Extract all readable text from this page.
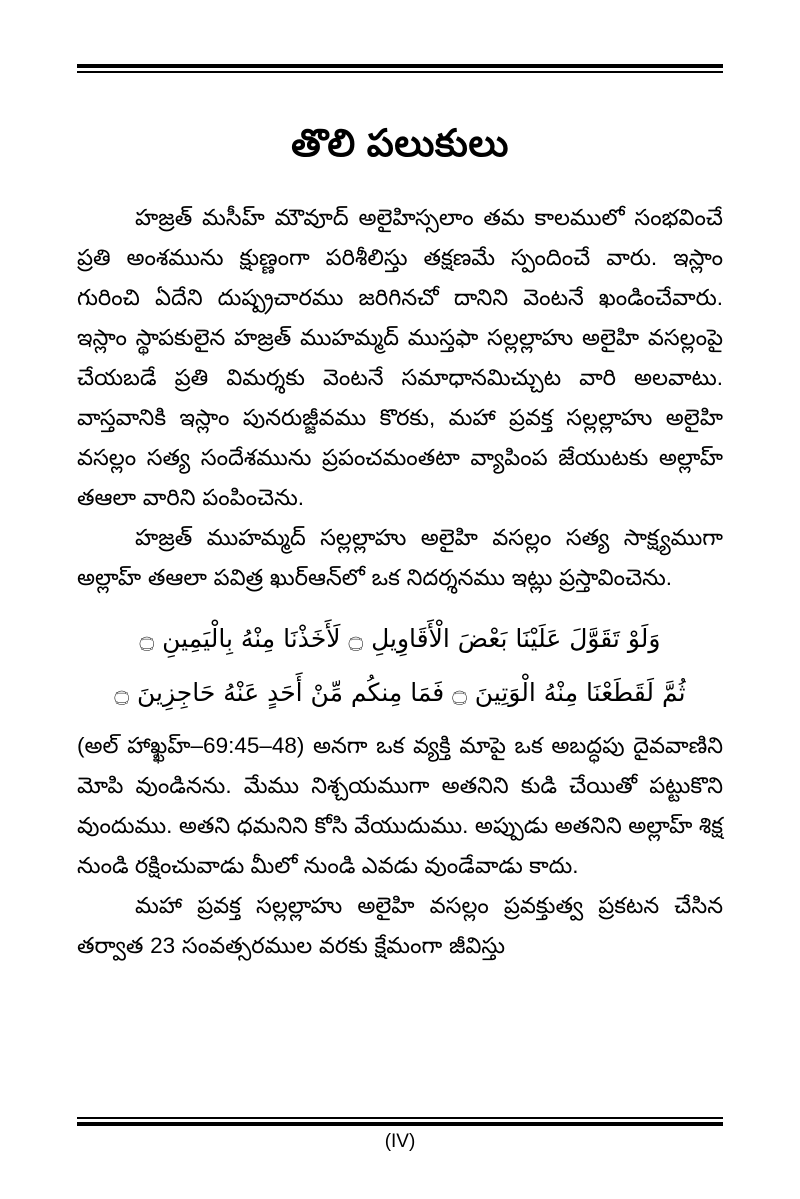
తొలి పలుకులు

హజ్రత్ మసీహ్ మౌవూద్ అలైహిస్సలాం తమ కాలములో సంభవించే ప్రతి అంశమును క్షుణ్ణంగా పరిశీలిస్తు తక్షణమే స్పందించే వారు. ఇస్లాం గురించి ఏదేని దుష్ప్రచారము జరిగినచో దానిని వెంటనే ఖండించేవారు. ఇస్లాం స్థాపకులైన హజ్రత్ ముహమ్మద్ ముస్తఫా సల్లల్లాహు అలైహి వసల్లంపై చేయబడే ప్రతి విమర్శకు వెంటనే సమాధానమిచ్చుట వారి అలవాటు. వాస్తవానికి ఇస్లాం పునరుజ్జీవము కొరకు, మహా ప్రవక్త సల్లల్లాహు అలైహి వసల్లం సత్య సందేశమును ప్రపంచమంతటా వ్యాపింప జేయుటకు అల్లాహ్ తఆలా వారిని పంపించెను.

హజ్రత్ ముహమ్మద్ సల్లల్లాహు అలైహి వసల్లం సత్య సాక్ష్యముగా అల్లాహ్ తఆలా పవిత్ర ఖుర్ఆన్‌లో ఒక నిదర్శనము ఇట్లు ప్రస్తావించెను.

وَلَوْ تَقَوَّلَ عَلَيْنَا بَعْضَ الْأَقَاوِيلِ ۝ لَأَخَذْنَا مِنْهُ بِالْيَمِينِ ۝
ثُمَّ لَقَطَعْنَا مِنْهُ الْوَتِينَ ۝ فَمَا مِنكُم مِّنْ أَحَدٍ عَنْهُ حَاجِزِينَ ۝

(అల్ హాఖ్ఖహ్–69:45–48) అనగా ఒక వ్యక్తి మాపై ఒక అబద్ధపు దైవవాణిని మోపి వుండినను. మేము నిశ్చయముగా అతనిని కుడి చేయితో పట్టుకొని వుందుము. అతని ధమనిని కోసి వేయుదుము. అప్పుడు అతనిని అల్లాహ్ శిక్ష నుండి రక్షించువాడు మీలో నుండి ఎవడు వుండేవాడు కాదు.

మహా ప్రవక్త సల్లల్లాహు అలైహి వసల్లం ప్రవక్తుత్వ ప్రకటన చేసిన తర్వాత 23 సంవత్సరముల వరకు క్షేమంగా జీవిస్తు

(IV)
